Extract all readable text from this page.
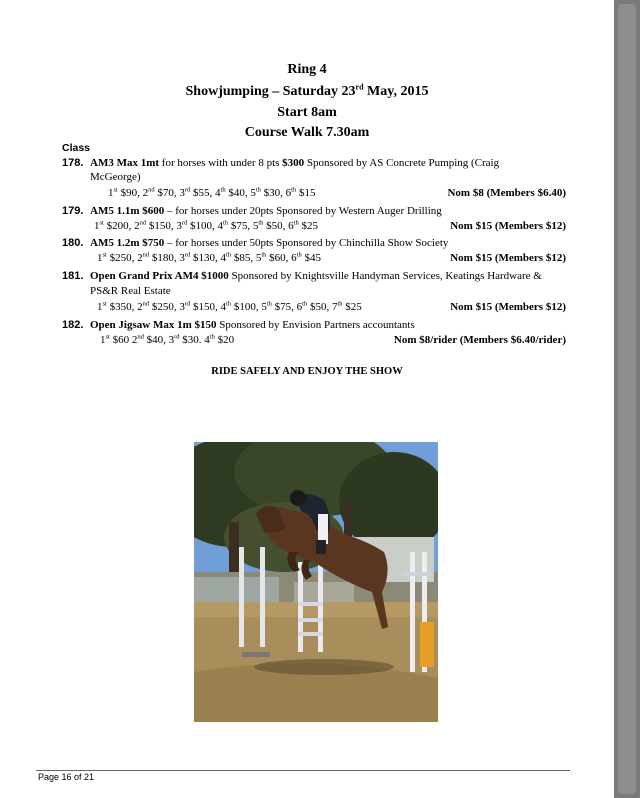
Ring 4
Showjumping – Saturday 23rd May, 2015
Start 8am
Course Walk 7.30am
Class
178. AM3 Max 1mt for horses with under 8 pts $300 Sponsored by AS Concrete Pumping (Craig
McGeorge)
1st $90, 2nd $70, 3rd $55, 4th $40, 5th $30, 6th $15	Nom $8 (Members $6.40)
179. AM5 1.1m $600 – for horses under 20pts Sponsored by Western Auger Drilling
1st $200, 2nd $150, 3rd $100, 4th $75, 5th $50, 6th $25	Nom $15 (Members $12)
180. AM5 1.2m $750 – for horses under 50pts Sponsored by Chinchilla Show Society
1st $250, 2nd $180, 3rd $130, 4th $85, 5th $60, 6th $45	Nom $15 (Members $12)
181. Open Grand Prix AM4 $1000 Sponsored by Knightsville Handyman Services, Keatings Hardware &
PS&R Real Estate
1st $350, 2nd $250, 3rd $150, 4th $100, 5th $75, 6th $50, 7th $25	Nom $15 (Members $12)
182. Open Jigsaw Max 1m $150 Sponsored by Envision Partners accountants
1st $60 2nd $40, 3rd $30. 4th $20	Nom $8/rider (Members $6.40/rider)
RIDE SAFELY AND ENJOY THE SHOW
Page 16 of 21
